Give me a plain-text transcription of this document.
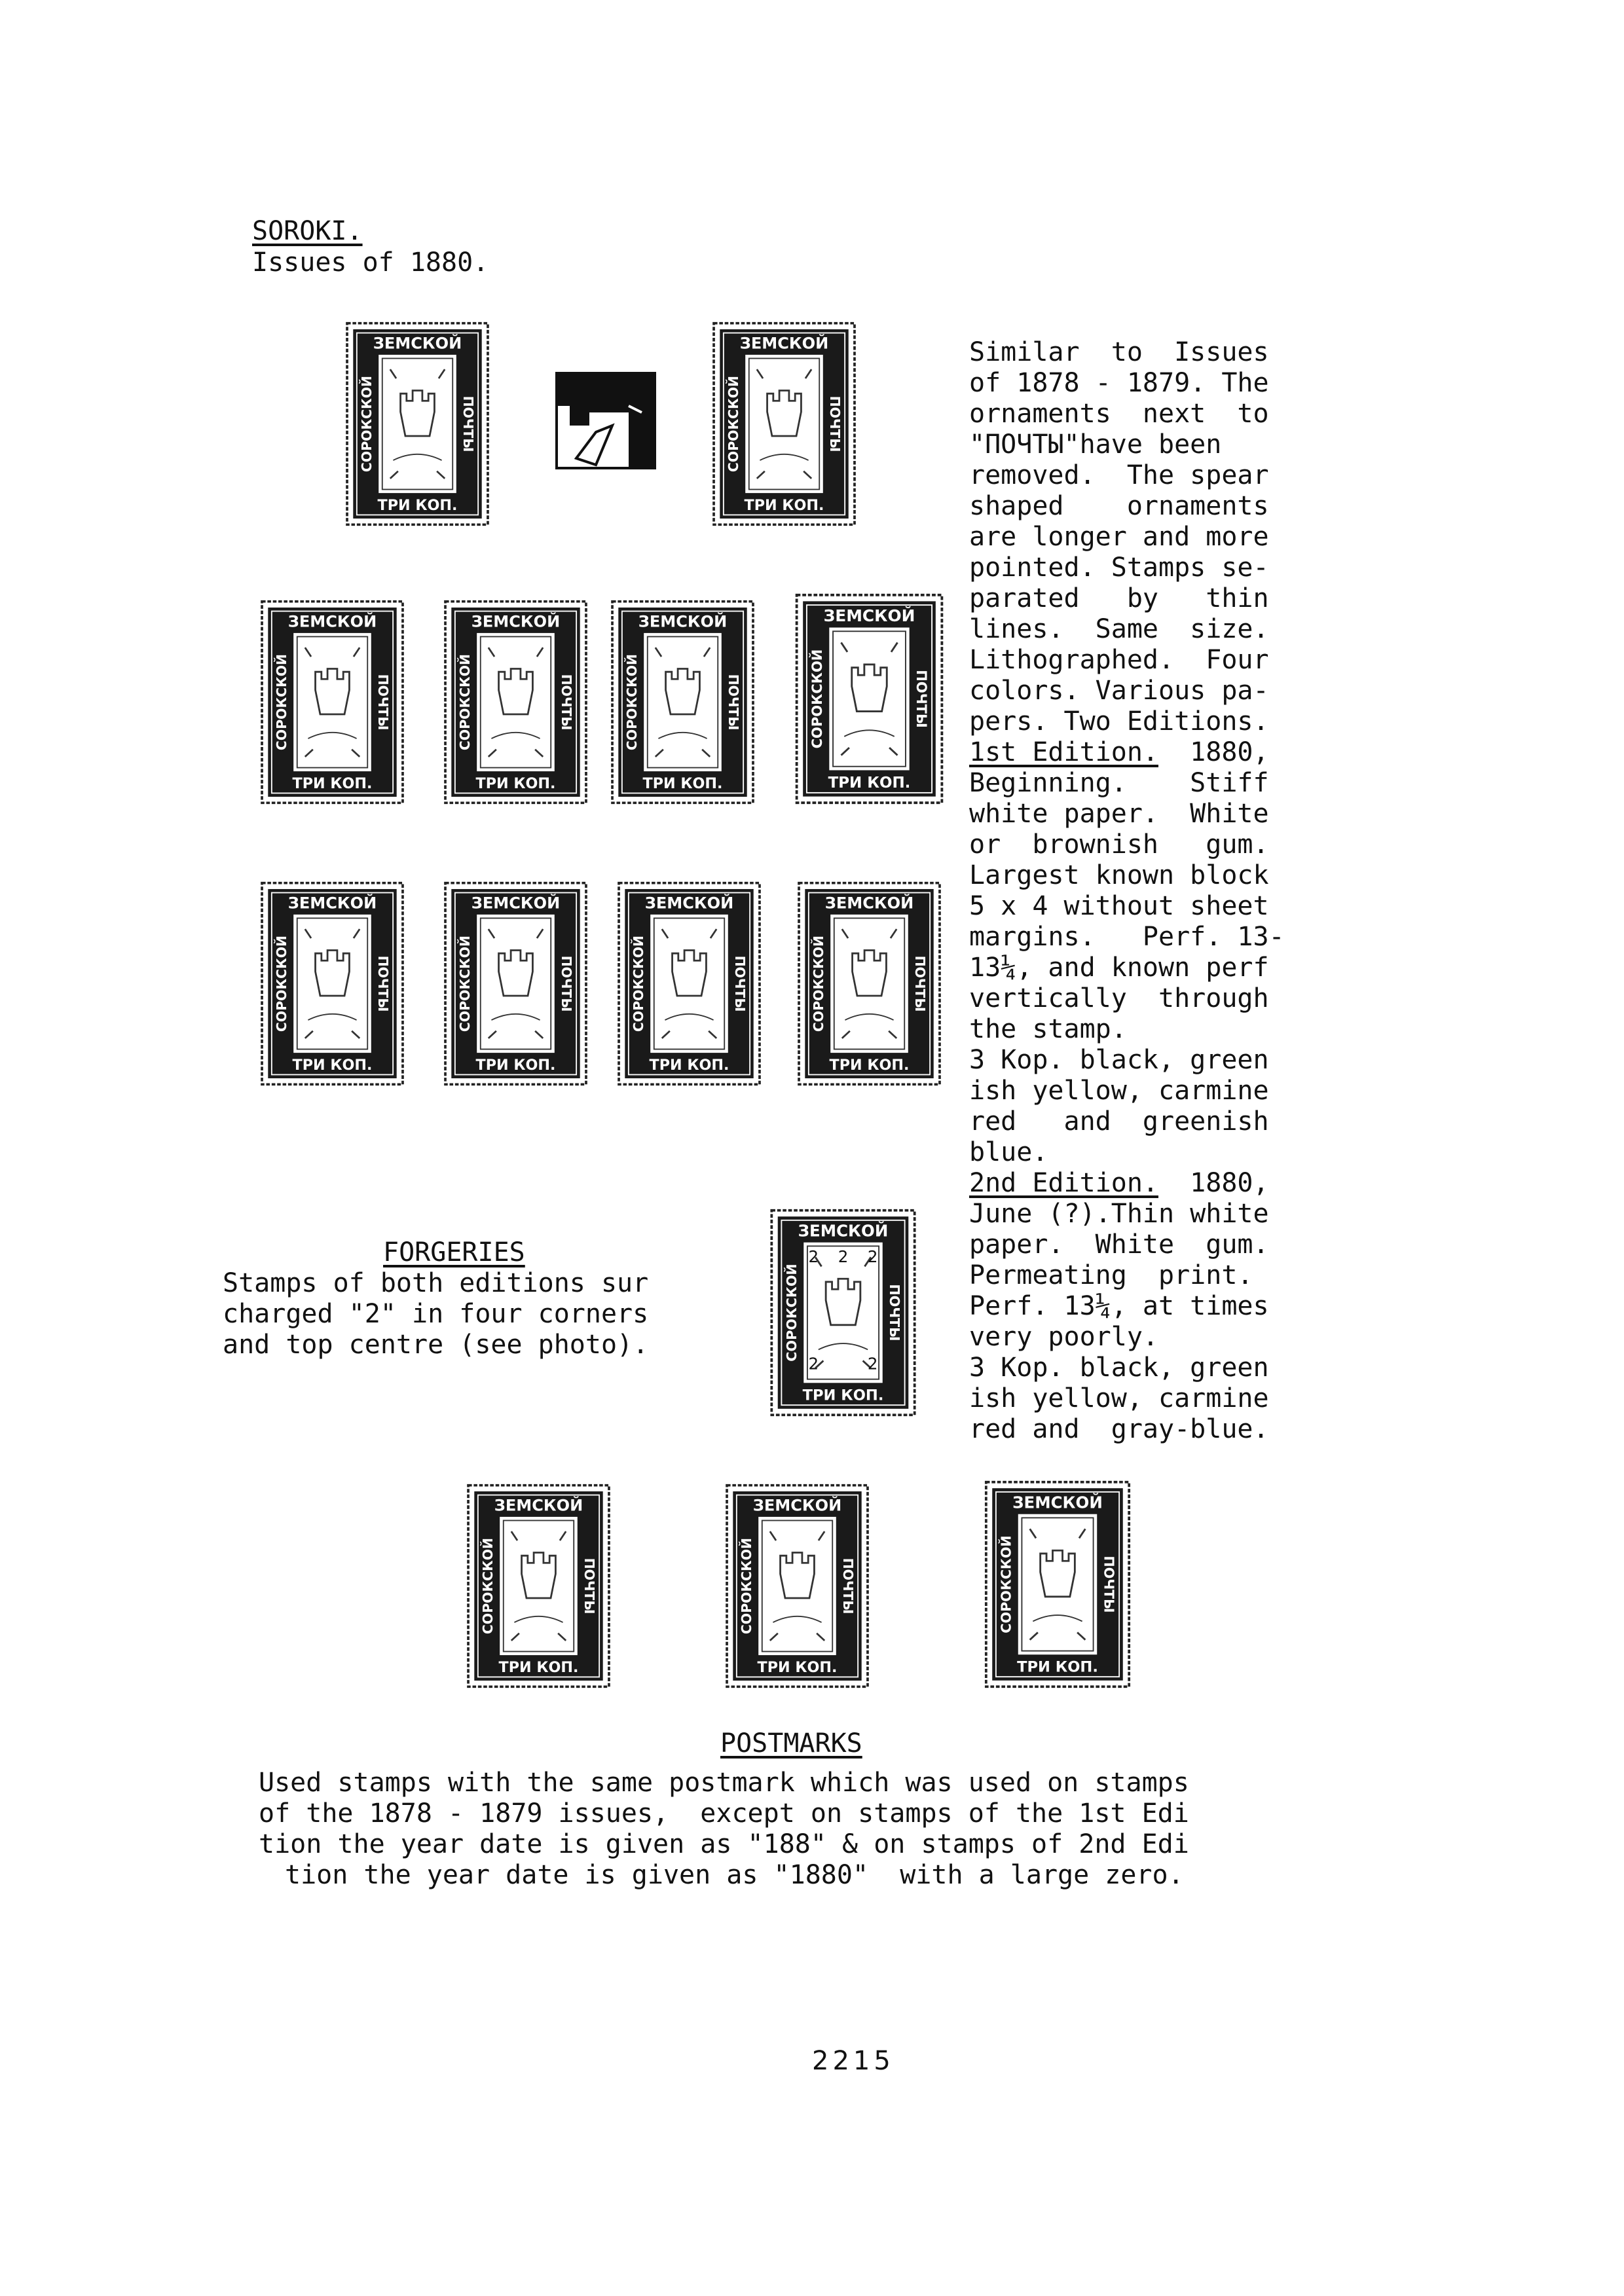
SOROKI.
Issues of 1880.
ЗЕМСКОЙ
ТРИ КОП.
СОРОКСКОЙ	ПОЧТЫ
ЗЕМСКОЙ
ТРИ КОП.
СОРОКСКОЙ	ПОЧТЫ
ЗЕМСКОЙ
ТРИ КОП.
СОРОКСКОЙ	ПОЧТЫ
ЗЕМСКОЙ
ТРИ КОП.
СОРОКСКОЙ	ПОЧТЫ
ЗЕМСКОЙ
ТРИ КОП.
СОРОКСКОЙ	ПОЧТЫ
ЗЕМСКОЙ
ТРИ КОП.
СОРОКСКОЙ	ПОЧТЫ
ЗЕМСКОЙ
ТРИ КОП.
СОРОКСКОЙ	ПОЧТЫ
ЗЕМСКОЙ
ТРИ КОП.
СОРОКСКОЙ	ПОЧТЫ
ЗЕМСКОЙ
ТРИ КОП.
СОРОКСКОЙ	ПОЧТЫ
ЗЕМСКОЙ
ТРИ КОП.
СОРОКСКОЙ	ПОЧТЫ
Similar  to  Issues
of 1878 - 1879. The
ornaments  next  to
"ПОЧТЫ"have been
removed.  The spear
shaped    ornaments
are longer and more
pointed. Stamps se-
parated   by   thin
lines.  Same  size.
Lithographed.  Four
colors. Various pa-
pers. Two Editions.
1st Edition.  1880,
Beginning.    Stiff
white paper.  White
or  brownish   gum.
Largest known block
5 x 4 without sheet
margins.   Perf. 13-
13¼, and known perf
vertically  through
the stamp.
3 Kop. black, green
ish yellow, carmine
red   and  greenish
blue.
2nd Edition.  1880,
June (?).Thin white
paper.  White  gum.
Permeating  print.
Perf. 13¼, at times
very poorly.
3 Kop. black, green
ish yellow, carmine
red and  gray-blue.
FORGERIES
Stamps of both editions sur
charged "2" in four corners
and top centre (see photo).
ЗЕМСКОЙ
ТРИ КОП.
СОРОКСКОЙ	ПОЧТЫ
2	2
2
2	2
ЗЕМСКОЙ
ТРИ КОП.
СОРОКСКОЙ	ПОЧТЫ
ЗЕМСКОЙ
ТРИ КОП.
СОРОКСКОЙ	ПОЧТЫ
ЗЕМСКОЙ
ТРИ КОП.
СОРОКСКОЙ	ПОЧТЫ
POSTMARKS
Used stamps with the same postmark which was used on stamps
of the 1878 - 1879 issues,  except on stamps of the 1st Edi
tion the year date is given as "188" & on stamps of 2nd Edi
tion the year date is given as "1880"  with a large zero.
2215
